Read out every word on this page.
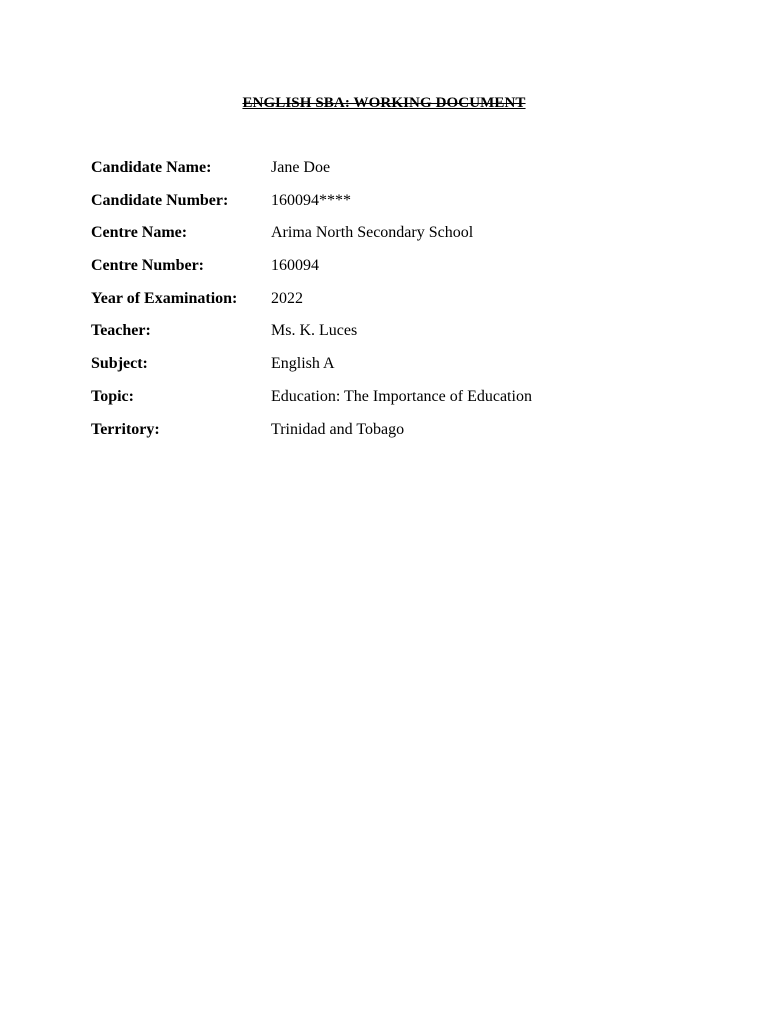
ENGLISH SBA: WORKING DOCUMENT
Candidate Name:	Jane Doe
Candidate Number:	160094****
Centre Name:	Arima North Secondary School
Centre Number:	160094
Year of Examination:	2022
Teacher:	Ms. K. Luces
Subject:	English A
Topic:	Education: The Importance of Education
Territory:	Trinidad and Tobago
